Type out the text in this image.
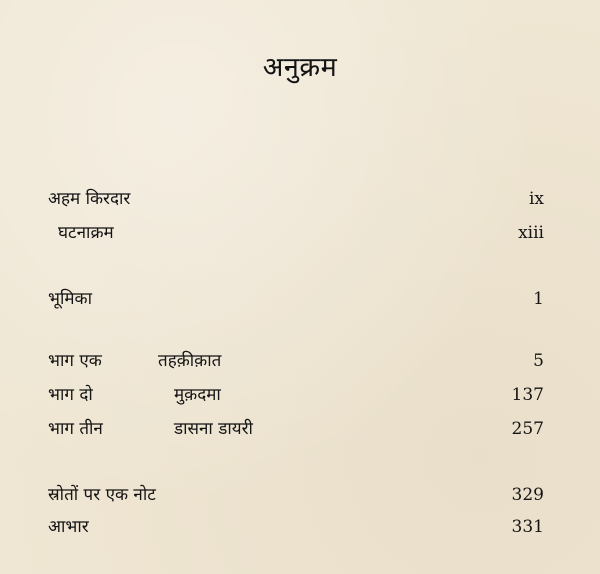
अनुक्रम
अहम किरदार	ix
घटनाक्रम	xiii
भूमिका	1
भाग एक	तहक़ीक़ात	5
भाग दो	मुक़दमा	137
भाग तीन	डासना डायरी	257
स्रोतों पर एक नोट	329
आभार	331
